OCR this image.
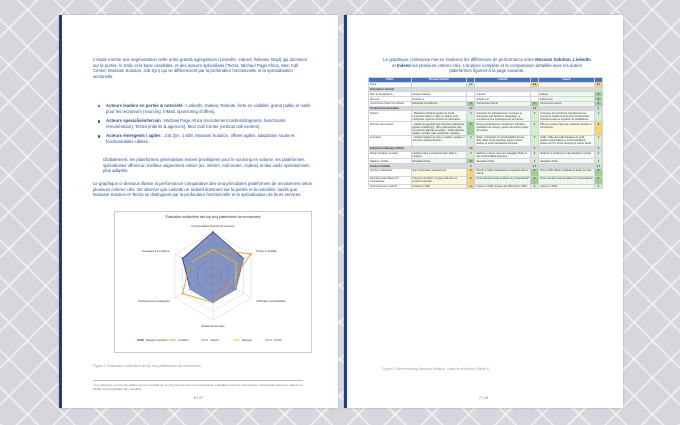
L'étude montre une segmentation nette entre grands agrégateurs (LinkedIn, Indeed, Rekrute, Bayt) qui dominent sur la portée, le trafic et la base candidats, et des acteurs spécialisés (Tectra, Michael Page Africa, Mon Call Center, Mossam Solution, Job Zyn) qui se différencient par la profondeur fonctionnelle et la spécialisation sectorielle.
Acteurs leaders en portée & notoriété : LinkedIn, Indeed, Rekrute, forte en visibilité, grand public et outils pour les recruteurs (sourcing, InMail, sponsoring d'offres).
Acteurs spécialisés/terrain : Michael Page Africa (recrutement cadres/dirigeants, benchmark rémunération), Tectra (intérim & agences), Mon Call Center (vertical call-centers).
Acteurs émergents / agiles : Job Zyn, 1,638, Mossam Solution, offrent agilité, adaptation locale et fonctionnalités ciblées.
Globalement, les plateformes généralistes restent privilégiées pour le sourcing en volume, les plateformes spécialisées offrent un meilleur alignement métier (ex. intérim, call-center, cadres) et des outils opérationnels plus adaptés.
Le graphique ci-dessous illustre la performance comparative des cinq principales plateformes de recrutement selon plusieurs critères clés. On observe que LinkedIn et Indeed dominent sur la portée et la notoriété, tandis que Mossam Solution et Tectra se distinguent par la profondeur fonctionnelle et la spécialisation de leurs services.
Évaluation multicritère des top cinq plateformes de recrutement
Fonctionnalités (Nombre de services)
Portée & Visibilité
Tarification (Accessibilité)
Modèle économique
Positionnement stratégique
Avantages & Limitations
Mossam Solution	LinkedIn	Indeed	Rekrute	Tectra
Figure 2: Évaluation multicritère de top cinq plateformes de recrutement
¹ Les données ont été recueillies sur une échelle de 1 à 5 pour assurer une comparaison équitable entre les concurrents, considérant ainsi leur valeurs et facilité d'interprétation des résultats.
6 / 17
Le graphique ci-dessous met en évidence les différences de performance entre Mossam Solution, LinkedIn et Indeed sur plusieurs critères clés. L'analyse complète et le comparaison détaillée avec les autres plateformes figurent à la page suivante.
Critère	Mossam Solution		LinkedIn		Indeed	
Score		4,2		3,9		3,7
Informations Général						
Nom de la plateforme	Mossam Solution		LinkedIn		Indeed	5
Site web	Mossam.io		linkedin.com		indeed.com	5
Concurrence (Direct ou Indirect)	Entreprise de référence	5	Concurrence directe	5	Concurrence directe	5
Produit & Fonctionnalités		4,6		3,3		3
Solution	- Plateforme SaaS de gestion du travail temporaire (intérim) - Mise en relation entre entreprises, agences d'intérim et intérimaires	4	Connecter les professionnels, recruteurs et entreprises pour faciliter le réseautage, le recrutement et le développement de carrière	4	Connecter les chercheurs d'emploi avec les recruteurs, faciliter la recherche d'opportunités professionnelles et la gestion de candidatures	4
Diversité des services	- Gestion de générale plus d'un pilier (plateforme, logiciel et matching) - Offre multi-services pour les secteurs agricole et tertiaire - Outils associés : gestion, contrats, paie, conformité, reporting	5	Réseau professionnel, recrutement, formation, publication de contenu, gestion du profil et image de marque	4	Offre un service unique de recherche d'emploi et recrutement	3
Innovation	- Solution intégrée de mise en relation, gestion et suivi des missions d'intérim	4	Outils : introduction de fonctionnalités IA pour offre, Sales Smart Teaching, Career Coach, analyse et recommandations d'emplois	4	Outils : Offre des outils d'analyse de profil, gestion personnalisée et recommandations basées sur l'IA, Smart Sourcing et Career Guide	4
Expérience Utilisateur (UI/UX)		4,5		4		4
Design (moderne ou daté)	Interface claire et professionnelle, facile à naviguer	4	Moderne et épuré, avec une navigation fluide et des fonctionnalités avancées	4	Moderne et fonctionnel, mais standard et simple	4
Rapidité / Fluidité	Navigation fluide	5	Navigation fluide	4	Navigation fluide	4
Portée & Visibilité		3		4,7		4,7
Nombre d'utilisateurs	Non communiqué publiquement	3	Plus de 1 million d'utilisateurs enregistrés dans le monde	5	Plus de 350 millions d'utilisateurs actifs par mois	5
Notoriété locale (Maroc) vs internationale	Présence au Maroc, un pays actif avec un territoire marocain	3	Forte notoriété locale au Maroc et à l'international	5	Forte notoriété locale au Maroc et à l'international	5
Ancienneté sur le marché	Fondée en 2022	3	Lancée en 2003, acquise par Microsoft en 2016	4	Lancée en 2004	4
Figure 3: Benchmarking Mossam Solution, LinkedIn et Indeed (Partie 1)
7 / 16
